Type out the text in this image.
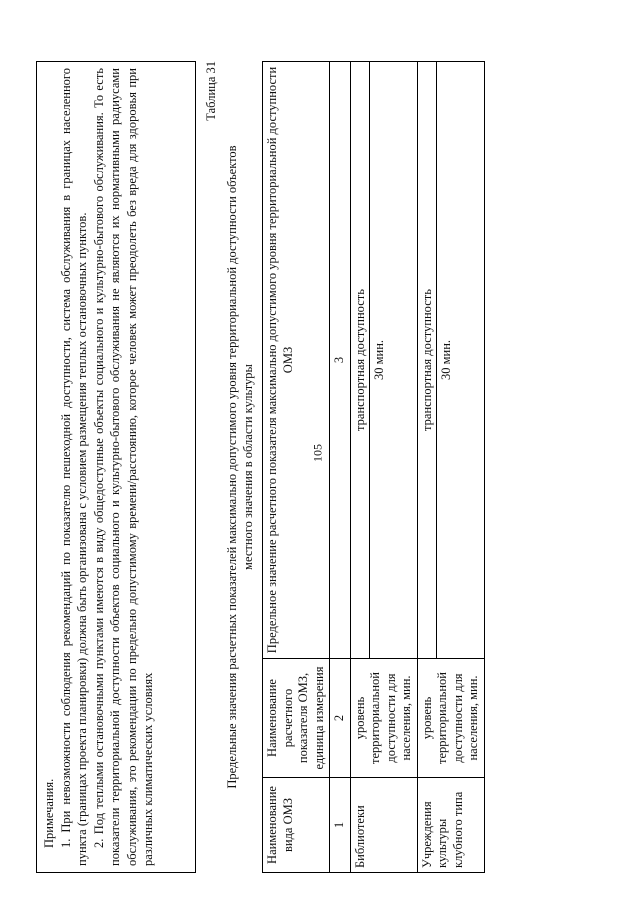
105

Примечания. 1. При невозможности соблюдения рекомендаций по показателю пешеходной доступности, система обслуживания в границах населенного пункта (границах проекта планировки) должна быть организована с условием размещения теплых остановочных пунктов. 2. Под теплыми остановочными пунктами имеются в виду общедоступные объекты социального и культурно-бытового обслуживания. То есть показатели территориальной доступности объектов социального и культурно-бытового обслуживания не являются их нормативными радиусами обслуживания, это рекомендации по предельно допустимому времени/расстоянию, которое человек может преодолеть без вреда для здоровья при различных климатических условиях

Таблица 31
Предельные значения расчетных показателей максимально допустимого уровня территориальной доступности объектов местного значения в области культуры
Наименование вида ОМЗ	Наименование расчетного показателя ОМЗ, единица измерения	Предельное значение расчетного показателя максимально допустимого уровня территориальной доступности ОМЗ
1	2	3
Библиотеки	уровень территориальной доступности для населения, мин.	транспортная доступность 30 мин.

Учреждения культуры клубного типа	уровень территориальной доступности для населения, мин.	транспортная доступность 30 мин.
